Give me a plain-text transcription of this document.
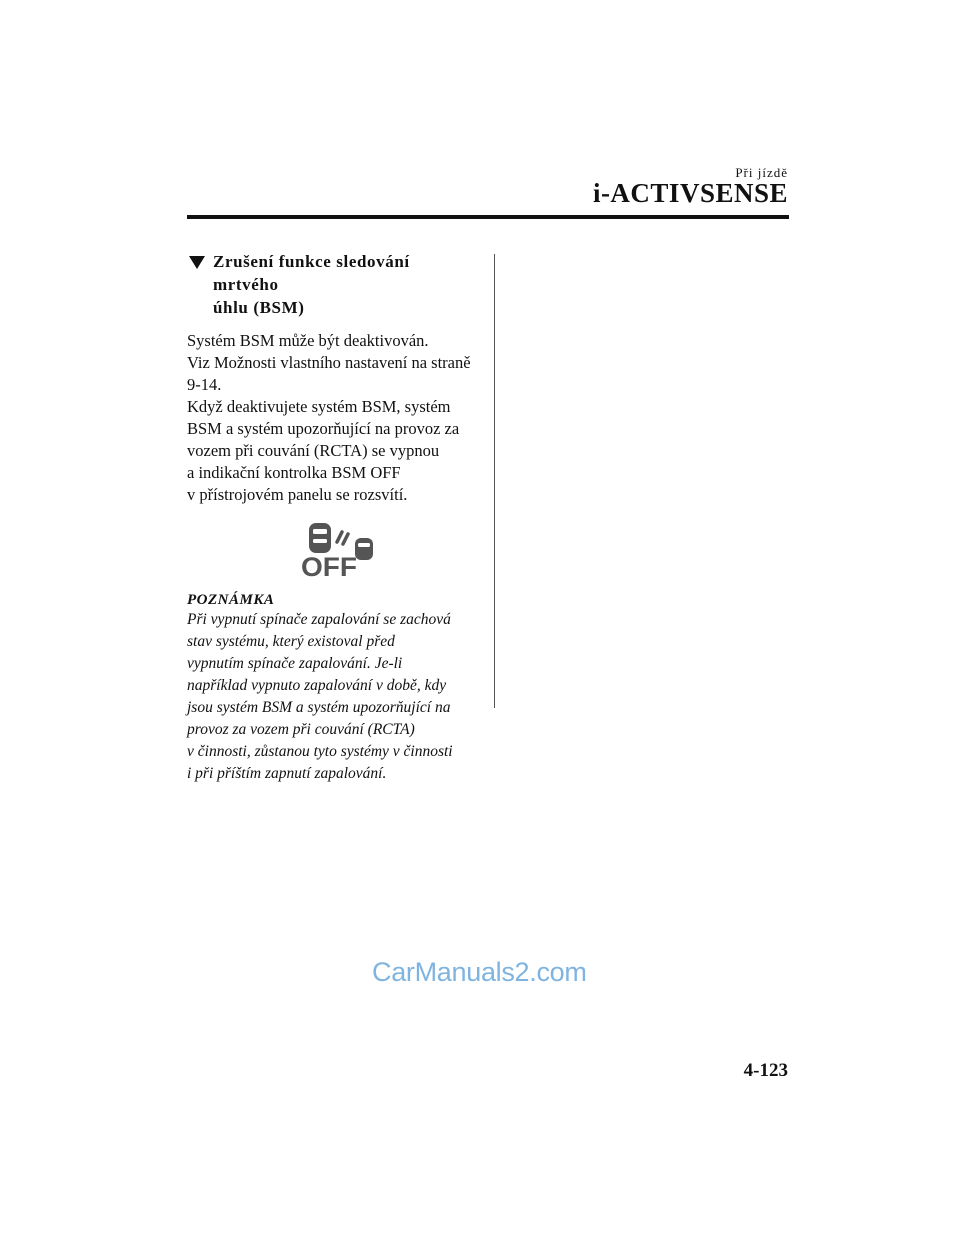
Při jízdě
i-ACTIVSENSE
Zrušení funkce sledování mrtvého
úhlu (BSM)
Systém BSM může být deaktivován.
Viz Možnosti vlastního nastavení na straně
9-14.
Když deaktivujete systém BSM, systém
BSM a systém upozorňující na provoz za
vozem při couvání (RCTA) se vypnou
a indikační kontrolka BSM OFF
v přístrojovém panelu se rozsvítí.
OFF
POZNÁMKA
Při vypnutí spínače zapalování se zachová
stav systému, který existoval před
vypnutím spínače zapalování. Je-li
například vypnuto zapalování v době, kdy
jsou systém BSM a systém upozorňující na
provoz za vozem při couvání (RCTA)
v činnosti, zůstanou tyto systémy v činnosti
i při příštím zapnutí zapalování.
CarManuals2.com
4-123
